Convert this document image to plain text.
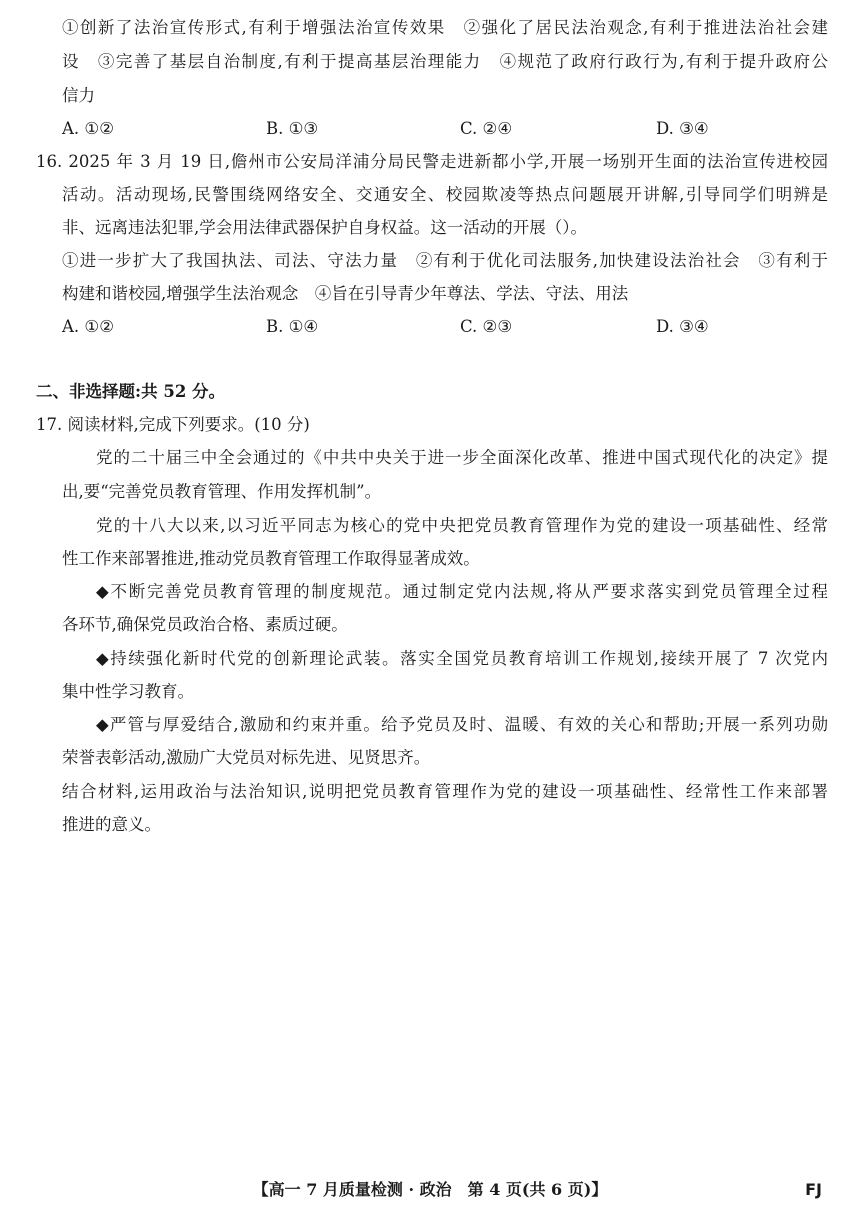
①创新了法治宣传形式,有利于增强法治宣传效果　②强化了居民法治观念,有利于推进法治社会建
设　③完善了基层自治制度,有利于提高基层治理能力　④规范了政府行政行为,有利于提升政府公
信力
A. ①②	B. ①③	C. ②④	D. ③④
16. 2025 年 3 月 19 日,儋州市公安局洋浦分局民警走进新都小学,开展一场别开生面的法治宣传进校园
活动。活动现场,民警围绕网络安全、交通安全、校园欺凌等热点问题展开讲解,引导同学们明辨是
非、远离违法犯罪,学会用法律武器保护自身权益。这一活动的开展（）。
①进一步扩大了我国执法、司法、守法力量　②有利于优化司法服务,加快建设法治社会　③有利于
构建和谐校园,增强学生法治观念　④旨在引导青少年尊法、学法、守法、用法
A. ①②	B. ①④	C. ②③	D. ③④
二、非选择题:共 52 分。
17. 阅读材料,完成下列要求。(10 分)
党的二十届三中全会通过的《中共中央关于进一步全面深化改革、推进中国式现代化的决定》提
出,要“完善党员教育管理、作用发挥机制”。
党的十八大以来,以习近平同志为核心的党中央把党员教育管理作为党的建设一项基础性、经常
性工作来部署推进,推动党员教育管理工作取得显著成效。
◆不断完善党员教育管理的制度规范。通过制定党内法规,将从严要求落实到党员管理全过程
各环节,确保党员政治合格、素质过硬。
◆持续强化新时代党的创新理论武装。落实全国党员教育培训工作规划,接续开展了 7 次党内
集中性学习教育。
◆严管与厚爱结合,激励和约束并重。给予党员及时、温暖、有效的关心和帮助;开展一系列功勋
荣誉表彰活动,激励广大党员对标先进、见贤思齐。
结合材料,运用政治与法治知识,说明把党员教育管理作为党的建设一项基础性、经常性工作来部署
推进的意义。
【高一 7 月质量检测 · 政治　第 4 页(共 6 页)】	FJ
